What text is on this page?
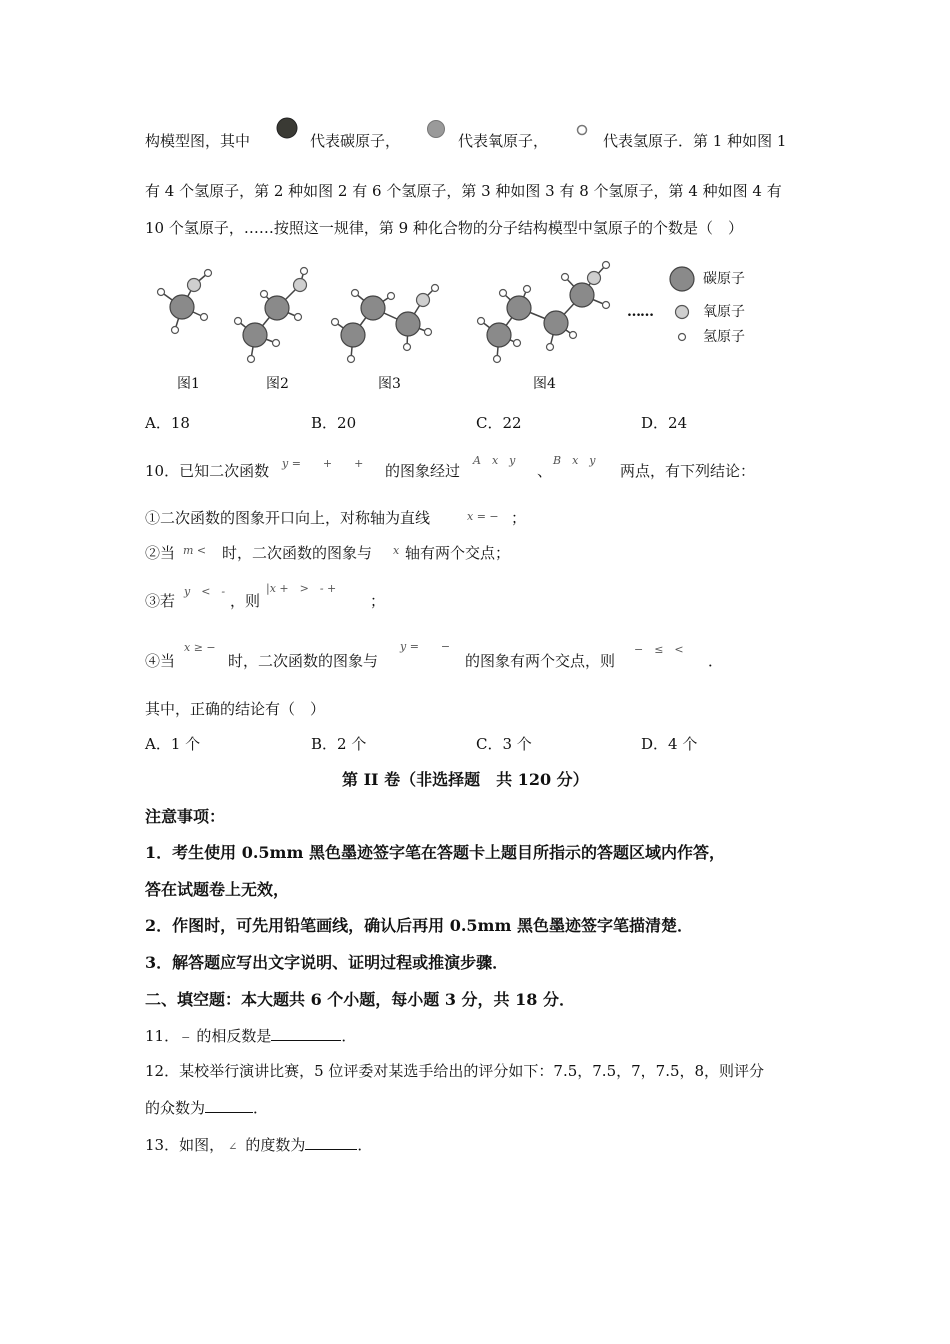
构模型图，其中	代表碳原子，	代表氧原子，	代表氢原子．第 1 种如图 1
有 4 个氢原子，第 2 种如图 2 有 6 个氢原子，第 3 种如图 3 有 8 个氢原子，第 4 种如图 4 有
10 个氢原子，……按照这一规律，第 9 种化合物的分子结构模型中氢原子的个数是（　）
图1	图2	图3	图4
……
碳原子
氧原子
氢原子
A．18	B．20	C．22	D．24
10．已知二次函数 y =　　+　　+ 的图象经过
A　x　y
、
B　x　y
两点，有下列结论：
①二次函数的图象开口向上，对称轴为直线	x = − ；
②当 m < 时，二次函数的图象与 x 轴有两个交点；
③若
y　<　-
，则
|x +　>　- +
；
④当
x ≥ −
时，二次函数的图象与
y =　　−
的图象有两个交点，则
−　≤　<
．
其中，正确的结论有（　）
A．1 个	B．2 个	C．3 个	D．4 个
第 II 卷（非选择题　共 120 分）
注意事项：
1．考生使用 0.5mm 黑色墨迹签字笔在答题卡上题目所指示的答题区域内作答，
答在试题卷上无效，
2．作图时，可先用铅笔画线，确认后再用 0.5mm 黑色墨迹签字笔描清楚．
3．解答题应写出文字说明、证明过程或推演步骤．
二、填空题：本大题共 6 个小题，每小题 3 分，共 18 分．
11． − 的相反数是	．
12．某校举行演讲比赛，5 位评委对某选手给出的评分如下：7.5，7.5，7，7.5，8，则评分
的众数为	．
13．如图， ∠ 的度数为	．
